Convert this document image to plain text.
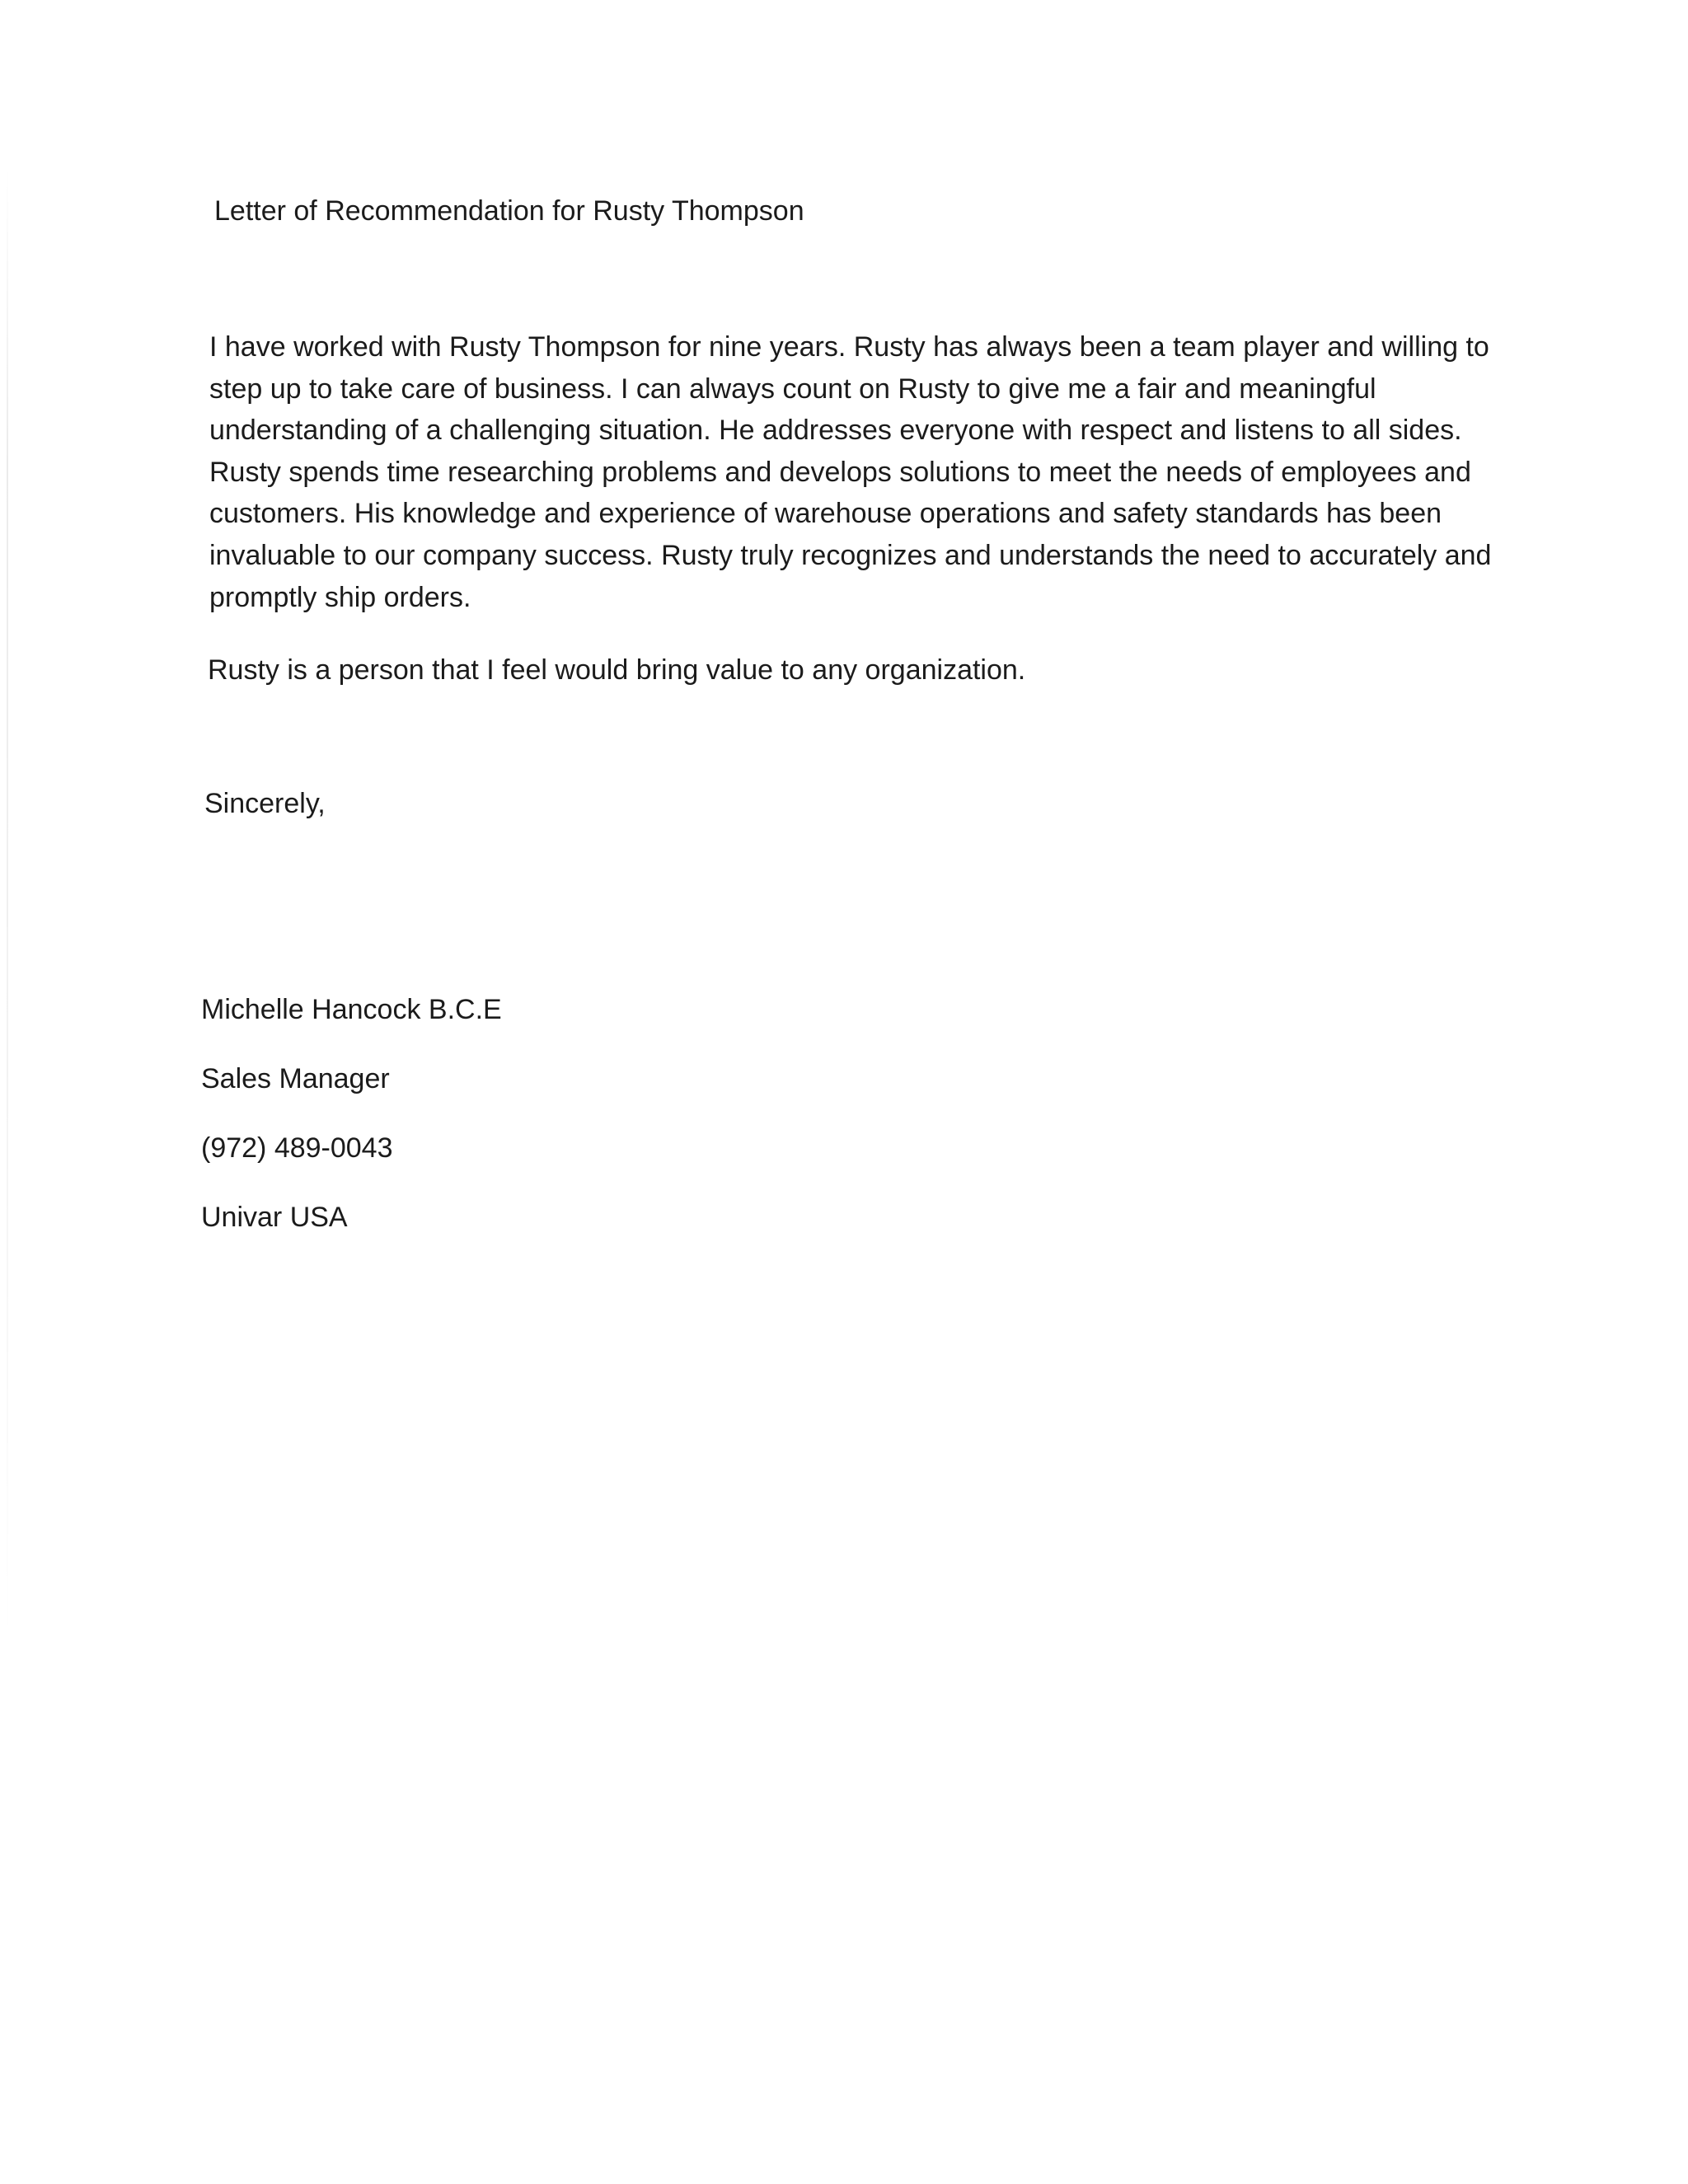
Letter of Recommendation for Rusty Thompson
I have worked with Rusty Thompson for nine years. Rusty has always been a team player and willing to
step up to take care of business. I can always count on Rusty to give me a fair and meaningful
understanding of a challenging situation. He addresses everyone with respect and listens to all sides.
Rusty spends time researching problems and develops solutions to meet the needs of employees and
customers. His knowledge and experience of warehouse operations and safety standards has been
invaluable to our company success. Rusty truly recognizes and understands the need to accurately and
promptly ship orders.
Rusty is a person that I feel would bring value to any organization.
Sincerely,
Michelle Hancock B.C.E
Sales Manager
(972) 489-0043
Univar USA
